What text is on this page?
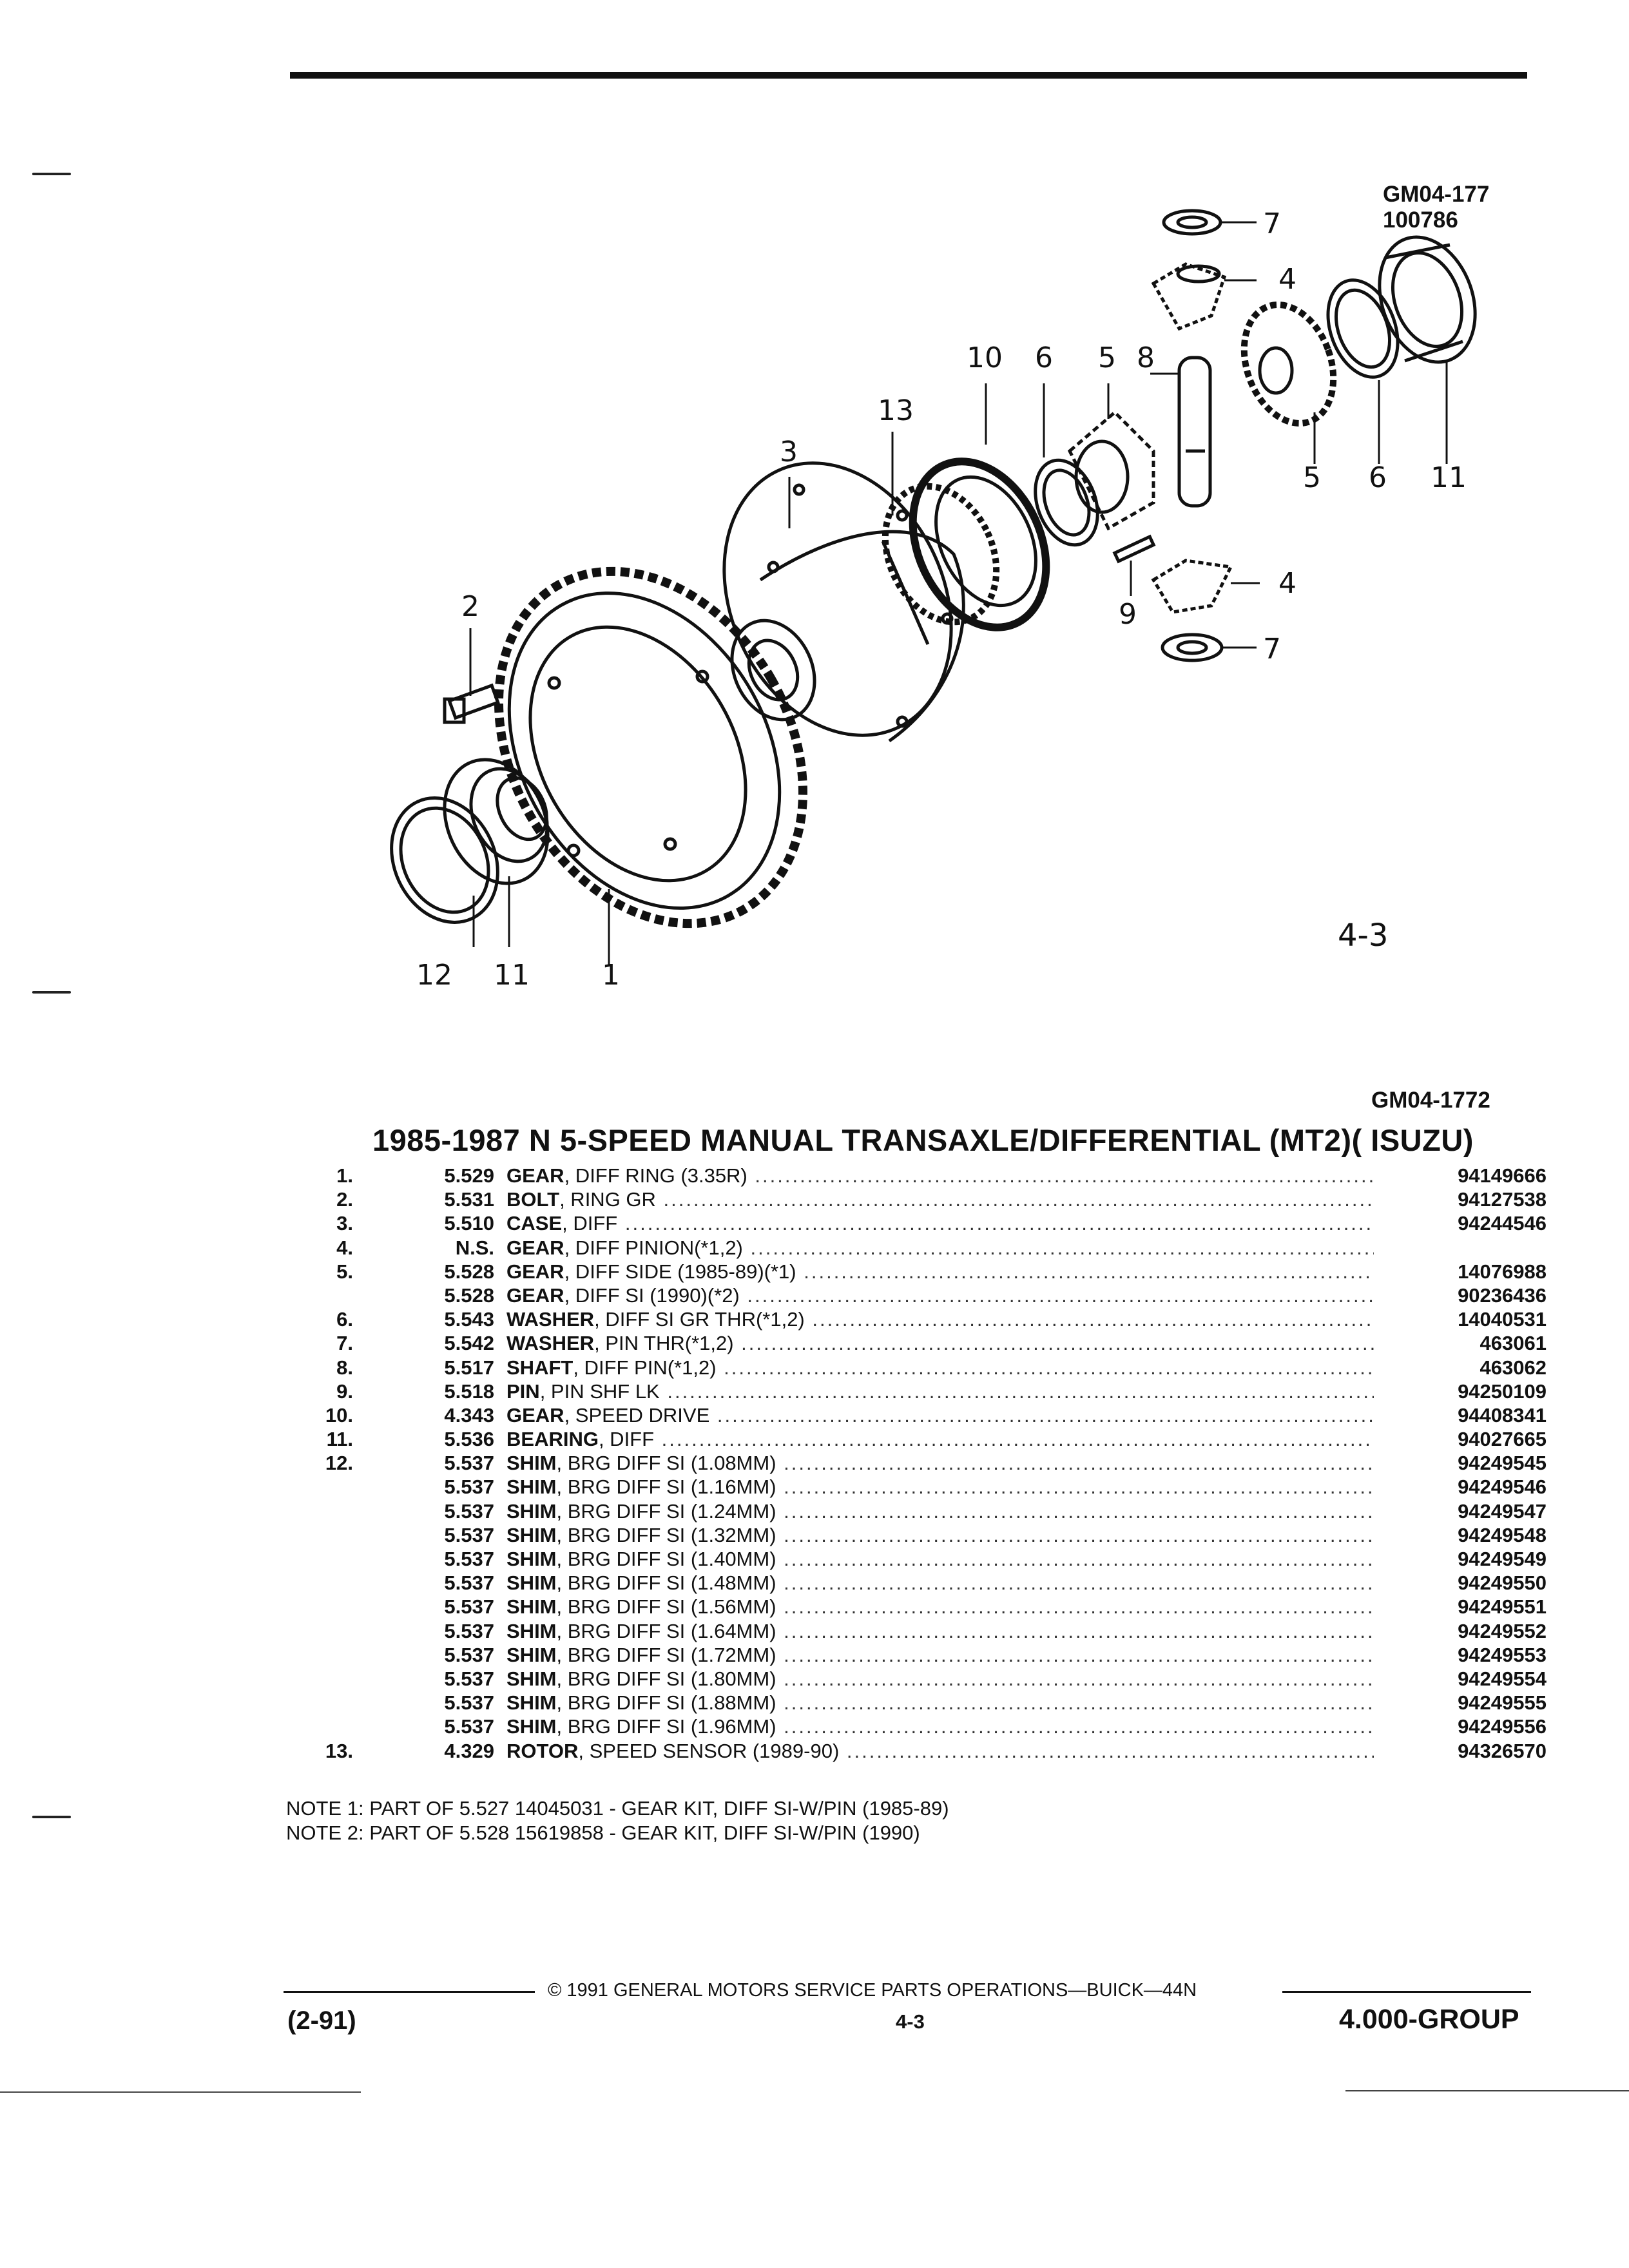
GM04-177
100786
12 11	1
2
3
13
10 6 5 8
7
4
4
7
9
5 6 11
4-3
GM04-1772
1985-1987 N 5-SPEED MANUAL TRANSAXLE/DIFFERENTIAL (MT2)( ISUZU)
1.	5.529 GEAR, DIFF RING (3.35R) .....	94149666
2.	5.531 BOLT, RING GR .....	94127538
3.	5.510 CASE, DIFF .....	94244546
4.	N.S. GEAR, DIFF PINION(*1,2) .....
5.	5.528 GEAR, DIFF SIDE (1985-89)(*1) .....	14076988
5.528 GEAR, DIFF SI (1990)(*2) .....	90236436
6.	5.543 WASHER, DIFF SI GR THR(*1,2) .....	14040531
7.	5.542 WASHER, PIN THR(*1,2) .....	463061
8.	5.517 SHAFT, DIFF PIN(*1,2) .....	463062
9.	5.518 PIN, PIN SHF LK .....	94250109
10.	4.343 GEAR, SPEED DRIVE .....	94408341
11.	5.536 BEARING, DIFF .....	94027665
12.	5.537 SHIM, BRG DIFF SI (1.08MM) .....	94249545
5.537 SHIM, BRG DIFF SI (1.16MM) .....	94249546
5.537 SHIM, BRG DIFF SI (1.24MM) .....	94249547
5.537 SHIM, BRG DIFF SI (1.32MM) .....	94249548
5.537 SHIM, BRG DIFF SI (1.40MM) .....	94249549
5.537 SHIM, BRG DIFF SI (1.48MM) .....	94249550
5.537 SHIM, BRG DIFF SI (1.56MM) .....	94249551
5.537 SHIM, BRG DIFF SI (1.64MM) .....	94249552
5.537 SHIM, BRG DIFF SI (1.72MM) .....	94249553
5.537 SHIM, BRG DIFF SI (1.80MM) .....	94249554
5.537 SHIM, BRG DIFF SI (1.88MM) .....	94249555
5.537 SHIM, BRG DIFF SI (1.96MM) .....	94249556
13.	4.329 ROTOR, SPEED SENSOR (1989-90) .....	94326570
NOTE 1: PART OF 5.527 14045031 - GEAR KIT, DIFF SI-W/PIN (1985-89)
NOTE 2: PART OF 5.528 15619858 - GEAR KIT, DIFF SI-W/PIN (1990)
© 1991 GENERAL MOTORS SERVICE PARTS OPERATIONS—BUICK—44N
(2-91)	4-3	4.000-GROUP
